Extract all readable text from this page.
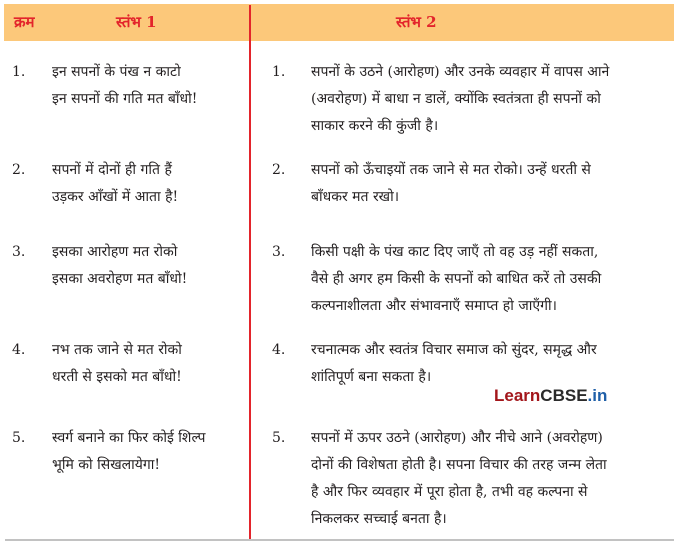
क्रम	स्तंभ 1	स्तंभ 2
1. इन सपनों के पंख न काटो
इन सपनों की गति मत बाँधो!
1. सपनों के उठने (आरोहण) और उनके व्यवहार में वापस आने
(अवरोहण) में बाधा न डालें, क्योंकि स्वतंत्रता ही सपनों को
साकार करने की कुंजी है।
2. सपनों में दोनों ही गति हैं
उड़कर आँखों में आता है!
2. सपनों को ऊँचाइयों तक जाने से मत रोको। उन्हें धरती से
बाँधकर मत रखो।
3. इसका आरोहण मत रोको
इसका अवरोहण मत बाँधो!
3. किसी पक्षी के पंख काट दिए जाएँ तो वह उड़ नहीं सकता,
वैसे ही अगर हम किसी के सपनों को बाधित करें तो उसकी
कल्पनाशीलता और संभावनाएँ समाप्त हो जाएँगी।
4. नभ तक जाने से मत रोको
धरती से इसको मत बाँधो!
4. रचनात्मक और स्वतंत्र विचार समाज को सुंदर, समृद्ध और
शांतिपूर्ण बना सकता है।
LearnCBSE.in
5. स्वर्ग बनाने का फिर कोई शिल्प
भूमि को सिखलायेगा!
5. सपनों में ऊपर उठने (आरोहण) और नीचे आने (अवरोहण)
दोनों की विशेषता होती है। सपना विचार की तरह जन्म लेता
है और फिर व्यवहार में पूरा होता है, तभी वह कल्पना से
निकलकर सच्चाई बनता है।
